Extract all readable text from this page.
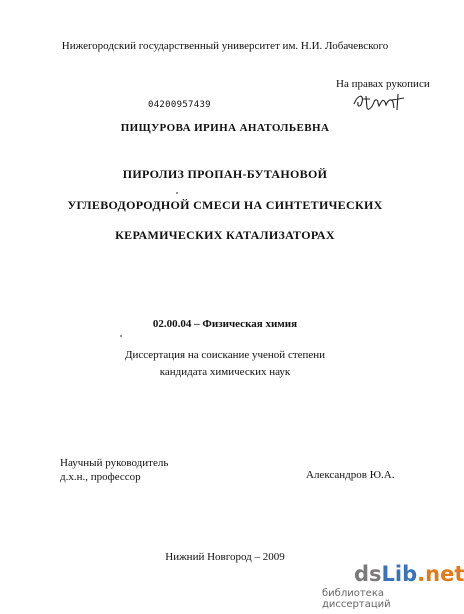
Нижегородский государственный университет им. Н.И. Лобачевского
На правах рукописи
04200957439
ПИЩУРОВА ИРИНА АНАТОЛЬЕВНА
ПИРОЛИЗ ПРОПАН-БУТАНОВОЙ
УГЛЕВОДОРОДНОЙ СМЕСИ НА СИНТЕТИЧЕСКИХ
КЕРАМИЧЕСКИХ КАТАЛИЗАТОРАХ
02.00.04 – Физическая химия
Диссертация на соискание ученой степени
кандидата химических наук
Научный руководитель
д.х.н., профессор	Александров Ю.А.
Нижний Новгород – 2009
dsLib.net
библиотека диссертаций
